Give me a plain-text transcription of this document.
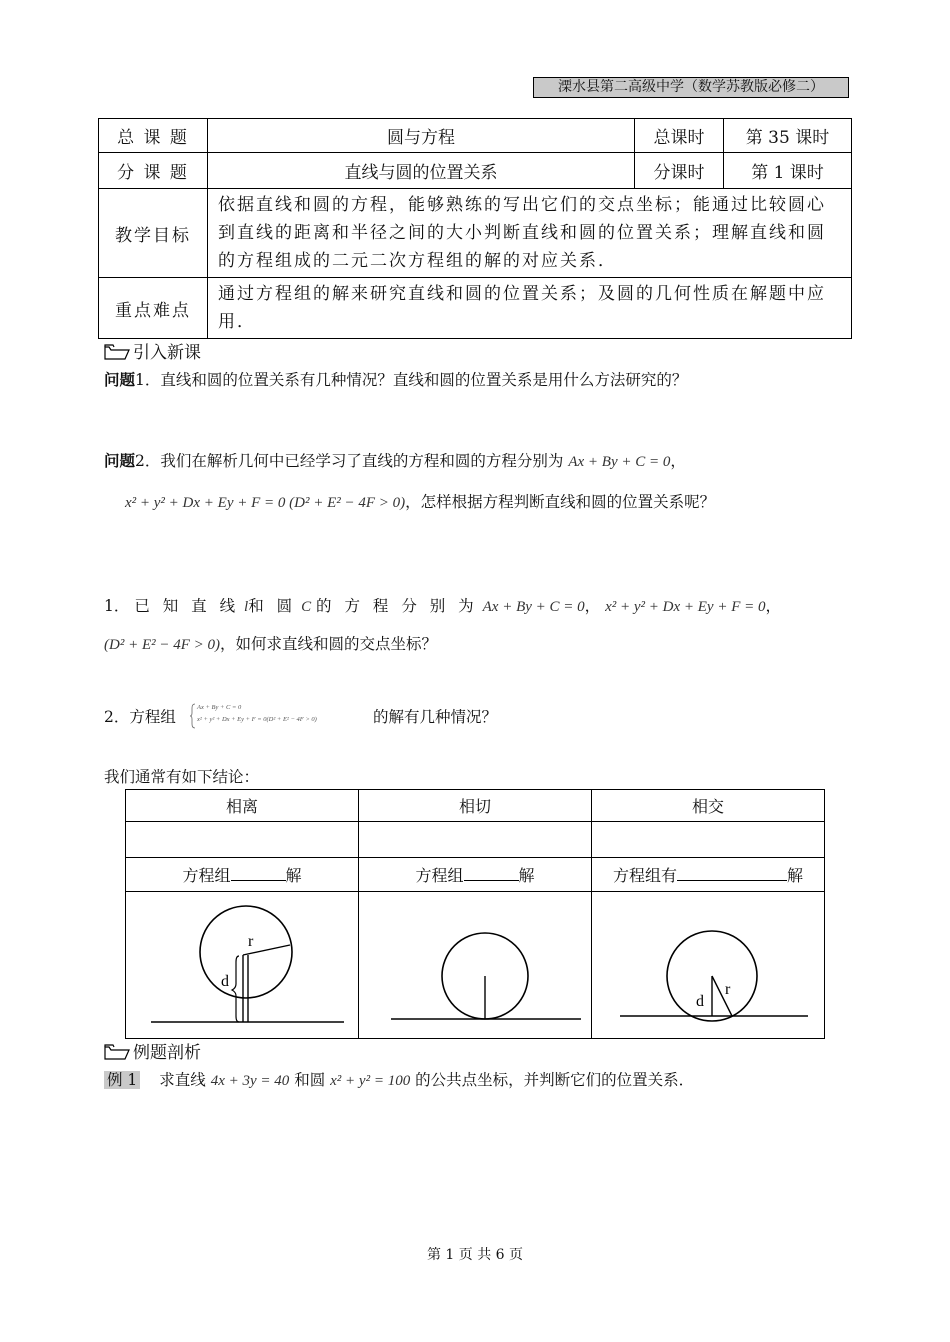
溧水县第二高级中学（数学苏教版必修二）
总 课 题	圆与方程	总课时	第 35 课时
分 课 题	直线与圆的位置关系	分课时	第 1 课时
教学目标	依据直线和圆的方程，能够熟练的写出它们的交点坐标；能通过比较圆心到直线的距离和半径之间的大小判断直线和圆的位置关系；理解直线和圆的方程组成的二元二次方程组的解的对应关系．		
重点难点	通过方程组的解来研究直线和圆的位置关系；及圆的几何性质在解题中应用．		
引入新课
问题1．直线和圆的位置关系有几种情况？直线和圆的位置关系是用什么方法研究的？
问题2．我们在解析几何中已经学习了直线的方程和圆的方程分别为 Ax + By + C = 0，
x² + y² + Dx + Ey + F = 0 (D² + E² − 4F > 0)，怎样根据方程判断直线和圆的位置关系呢？
1． 已 知 直 线 l和 圆 C 的 方 程 分 别 为 Ax + By + C = 0， x² + y² + Dx + Ey + F = 0，
(D² + E² − 4F > 0)，如何求直线和圆的交点坐标？
2．方程组
Ax + By + C = 0
x² + y² + Dx + Ey + F = 0(D² + E² − 4F > 0)	的解有几种情况？
我们通常有如下结论：
相离	相切	相交

方程组 解	方程组 解	方程组有 解

r
d		r
d
例题剖析
例 1 求直线 4x + 3y = 40 和圆 x² + y² = 100 的公共点坐标，并判断它们的位置关系．
第 1 页 共 6 页
